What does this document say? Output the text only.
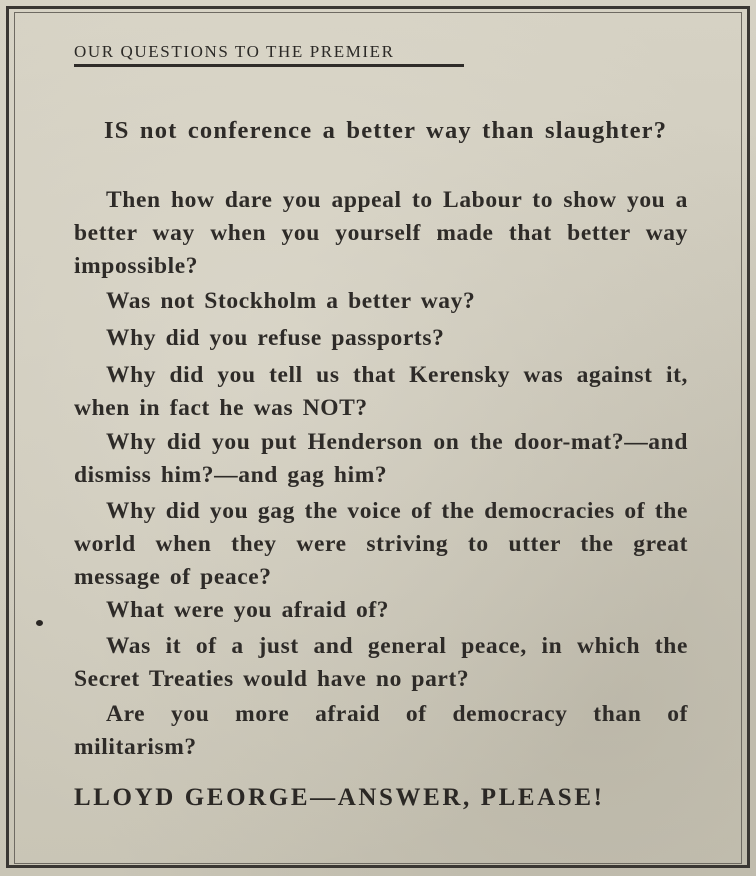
OUR QUESTIONS TO THE PREMIER

IS not conference a better way than slaughter?

Then how dare you appeal to Labour to show you a better way when you yourself made that better way impossible?

Was not Stockholm a better way?

Why did you refuse passports?

Why did you tell us that Kerensky was against it, when in fact he was NOT?

Why did you put Henderson on the door-mat?—and dismiss him?—and gag him?

Why did you gag the voice of the democracies of the world when they were striving to utter the great message of peace?

What were you afraid of?

Was it of a just and general peace, in which the Secret Treaties would have no part?

Are you more afraid of democracy than of militarism?

LLOYD GEORGE—ANSWER, PLEASE!
